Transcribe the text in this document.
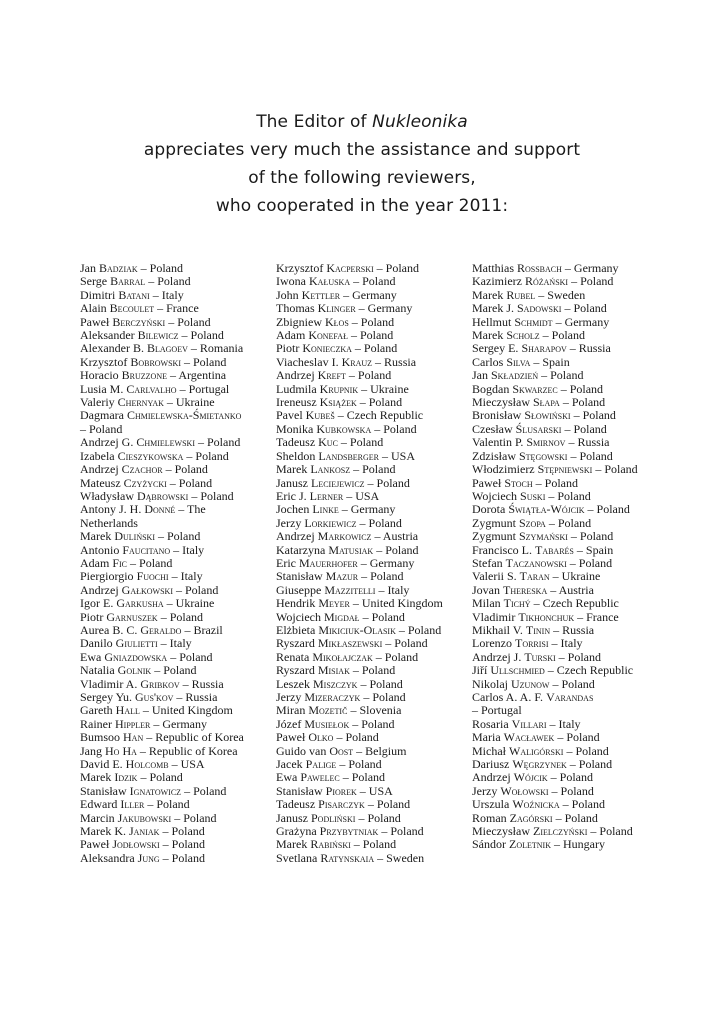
The Editor of Nukleonika
appreciates very much the assistance and support
of the following reviewers,
who cooperated in the year 2011:
Jan Badziak – Poland
Serge Barral – Poland
Dimitri Batani – Italy
Alain Becoulet – France
Paweł Berczyński – Poland
Aleksander Bilewicz – Poland
Alexander B. Blagoev – Romania
Krzysztof Bobrowski – Poland
Horacio Bruzzone – Argentina
Lusia M. Carlvalho – Portugal
Valeriy Chernyak – Ukraine
Dagmara Chmielewska-Śmietanko
– Poland
Andrzej G. Chmielewski – Poland
Izabela Cieszykowska – Poland
Andrzej Czachor – Poland
Mateusz Czyżycki – Poland
Władysław Dąbrowski – Poland
Antony J. H. Donné – The
Netherlands
Marek Duliński – Poland
Antonio Faucitano – Italy
Adam Fic – Poland
Piergiorgio Fuochi – Italy
Andrzej Gałkowski – Poland
Igor E. Garkusha – Ukraine
Piotr Garnuszek – Poland
Aurea B. C. Geraldo – Brazil
Danilo Giulietti – Italy
Ewa Gniazdowska – Poland
Natalia Golnik – Poland
Vladimir A. Gribkov – Russia
Sergey Yu. Gus'kov – Russia
Gareth Hall – United Kingdom
Rainer Hippler – Germany
Bumsoo Han – Republic of Korea
Jang Ho Ha – Republic of Korea
David E. Holcomb – USA
Marek Idzik – Poland
Stanisław Ignatowicz – Poland
Edward Iller – Poland
Marcin Jakubowski – Poland
Marek K. Janiak – Poland
Paweł Jodłowski – Poland
Aleksandra Jung – Poland
Krzysztof Kacperski – Poland
Iwona Kałuska – Poland
John Kettler – Germany
Thomas Klinger – Germany
Zbigniew Kłos – Poland
Adam Konefał – Poland
Piotr Konieczka – Poland
Viacheslav I. Krauz – Russia
Andrzej Kreft – Poland
Ludmila Krupnik – Ukraine
Ireneusz Książek – Poland
Pavel Kubeš – Czech Republic
Monika Kubkowska – Poland
Tadeusz Kuc – Poland
Sheldon Landsberger – USA
Marek Lankosz – Poland
Janusz Leciejewicz – Poland
Eric J. Lerner – USA
Jochen Linke – Germany
Jerzy Lorkiewicz – Poland
Andrzej Markowicz – Austria
Katarzyna Matusiak – Poland
Eric Mauerhofer – Germany
Stanisław Mazur – Poland
Giuseppe Mazzitelli – Italy
Hendrik Meyer – United Kingdom
Wojciech Migdał – Poland
Elżbieta Mikiciuk-Olasik – Poland
Ryszard Mikłaszewski – Poland
Renata Mikołajczak – Poland
Ryszard Misiak – Poland
Leszek Miszczyk – Poland
Jerzy Mizeraczyk – Poland
Miran Mozetič – Slovenia
Józef Musiełok – Poland
Paweł Olko – Poland
Guido van Oost – Belgium
Jacek Palige – Poland
Ewa Pawelec – Poland
Stanisław Piorek – USA
Tadeusz Pisarczyk – Poland
Janusz Podliński – Poland
Grażyna Przybytniak – Poland
Marek Rabiński – Poland
Svetlana Ratynskaia – Sweden
Matthias Rossbach – Germany
Kazimierz Różański – Poland
Marek Rubel – Sweden
Marek J. Sadowski – Poland
Hellmut Schmidt – Germany
Marek Scholz – Poland
Sergey E. Sharapov – Russia
Carlos Silva – Spain
Jan Składzień – Poland
Bogdan Skwarzec – Poland
Mieczysław Słapa – Poland
Bronisław Słowiński – Poland
Czesław Ślusarski – Poland
Valentin P. Smirnov – Russia
Zdzisław Stęgowski – Poland
Włodzimierz Stępniewski – Poland
Paweł Stoch – Poland
Wojciech Suski – Poland
Dorota Świątła-Wójcik – Poland
Zygmunt Szopa – Poland
Zygmunt Szymański – Poland
Francisco L. Tabarés – Spain
Stefan Taczanowski – Poland
Valerii S. Taran – Ukraine
Jovan Thereska – Austria
Milan Tichý – Czech Republic
Vladimir Tikhonchuk – France
Mikhail V. Tinin – Russia
Lorenzo Torrisi – Italy
Andrzej J. Turski – Poland
Jiří Ullschmied – Czech Republic
Nikolaj Uzunow – Poland
Carlos A. A. F. Varandas
– Portugal
Rosaria Villari – Italy
Maria Wacławek – Poland
Michał Waligórski – Poland
Dariusz Węgrzynek – Poland
Andrzej Wójcik – Poland
Jerzy Wołowski – Poland
Urszula Woźnicka – Poland
Roman Zagórski – Poland
Mieczysław Zielczyński – Poland
Sándor Zoletnik – Hungary
